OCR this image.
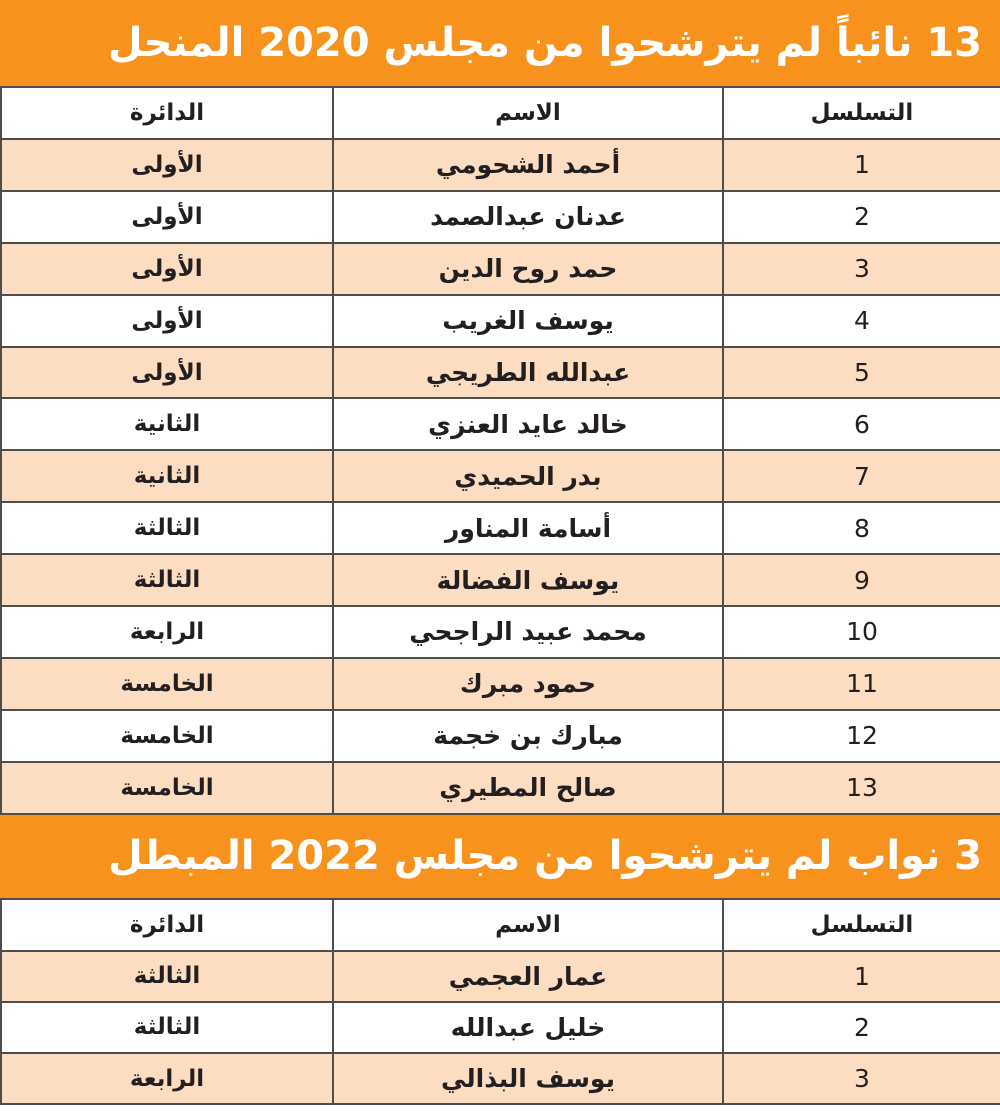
13 نائباً لم يترشحوا من مجلس 2020 المنحل
الدائرة	الاسم	التسلسل
الأولى	أحمد الشحومي	1
الأولى	عدنان عبدالصمد	2
الأولى	حمد روح الدين	3
الأولى	يوسف الغريب	4
الأولى	عبدالله الطريجي	5
الثانية	خالد عايد العنزي	6
الثانية	بدر الحميدي	7
الثالثة	أسامة المناور	8
الثالثة	يوسف الفضالة	9
الرابعة	محمد عبيد الراجحي	10
الخامسة	حمود مبرك	11
الخامسة	مبارك بن خجمة	12
الخامسة	صالح المطيري	13
3 نواب لم يترشحوا من مجلس 2022 المبطل
الدائرة	الاسم	التسلسل
الثالثة	عمار العجمي	1
الثالثة	خليل عبدالله	2
الرابعة	يوسف البذالي	3
